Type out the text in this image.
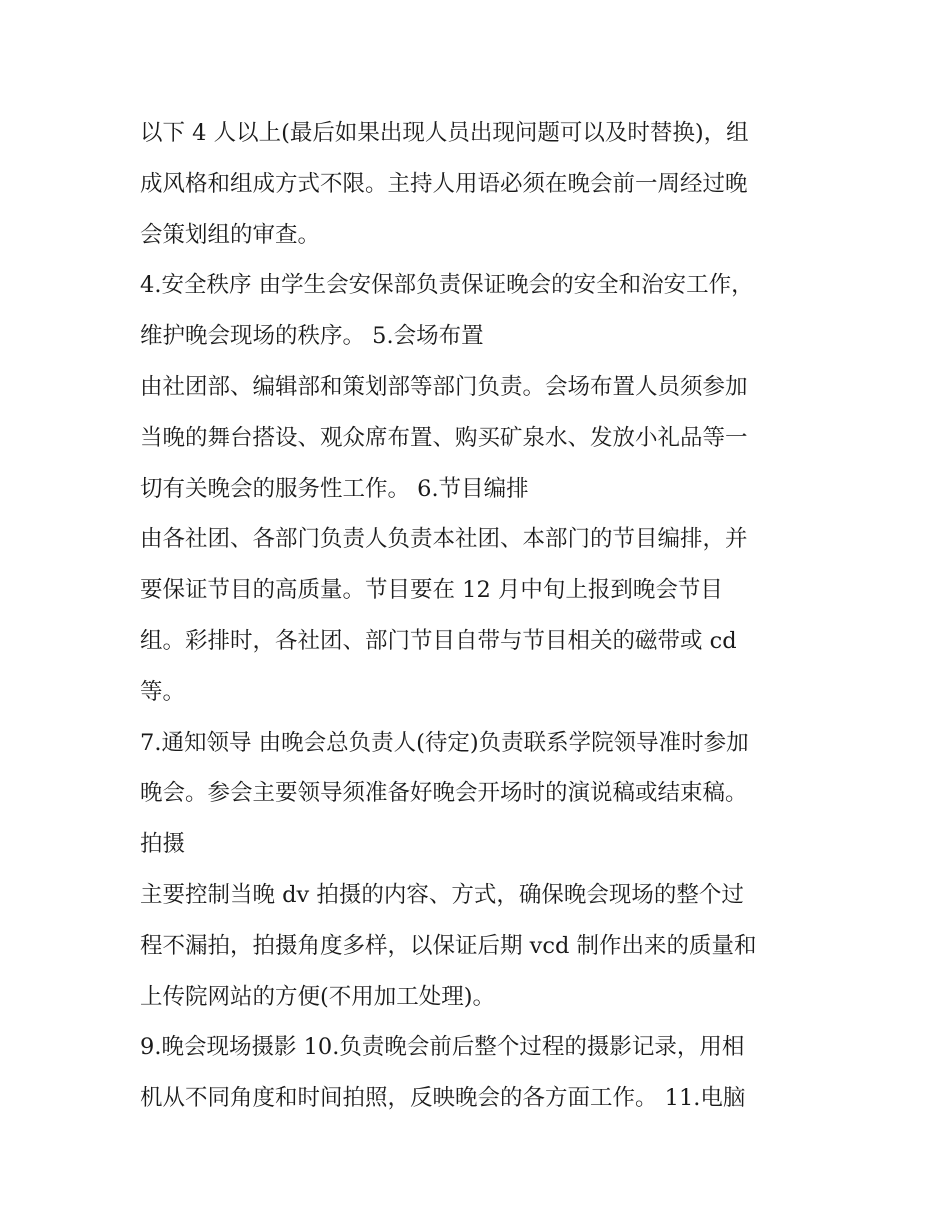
以下 4 人以上(最后如果出现人员出现问题可以及时替换)，组
成风格和组成方式不限。主持人用语必须在晚会前一周经过晚
会策划组的审查。
4.安全秩序 由学生会安保部负责保证晚会的安全和治安工作，
维护晚会现场的秩序。 5.会场布置
由社团部、编辑部和策划部等部门负责。会场布置人员须参加
当晚的舞台搭设、观众席布置、购买矿泉水、发放小礼品等一
切有关晚会的服务性工作。 6.节目编排
由各社团、各部门负责人负责本社团、本部门的节目编排，并
要保证节目的高质量。节目要在 12 月中旬上报到晚会节目
组。彩排时，各社团、部门节目自带与节目相关的磁带或 cd
等。
7.通知领导 由晚会总负责人(待定)负责联系学院领导准时参加
晚会。参会主要领导须准备好晚会开场时的演说稿或结束稿。
拍摄
主要控制当晚 dv 拍摄的内容、方式，确保晚会现场的整个过
程不漏拍，拍摄角度多样，以保证后期 vcd 制作出来的质量和
上传院网站的方便(不用加工处理)。
9.晚会现场摄影 10.负责晚会前后整个过程的摄影记录，用相
机从不同角度和时间拍照，反映晚会的各方面工作。 11.电脑
